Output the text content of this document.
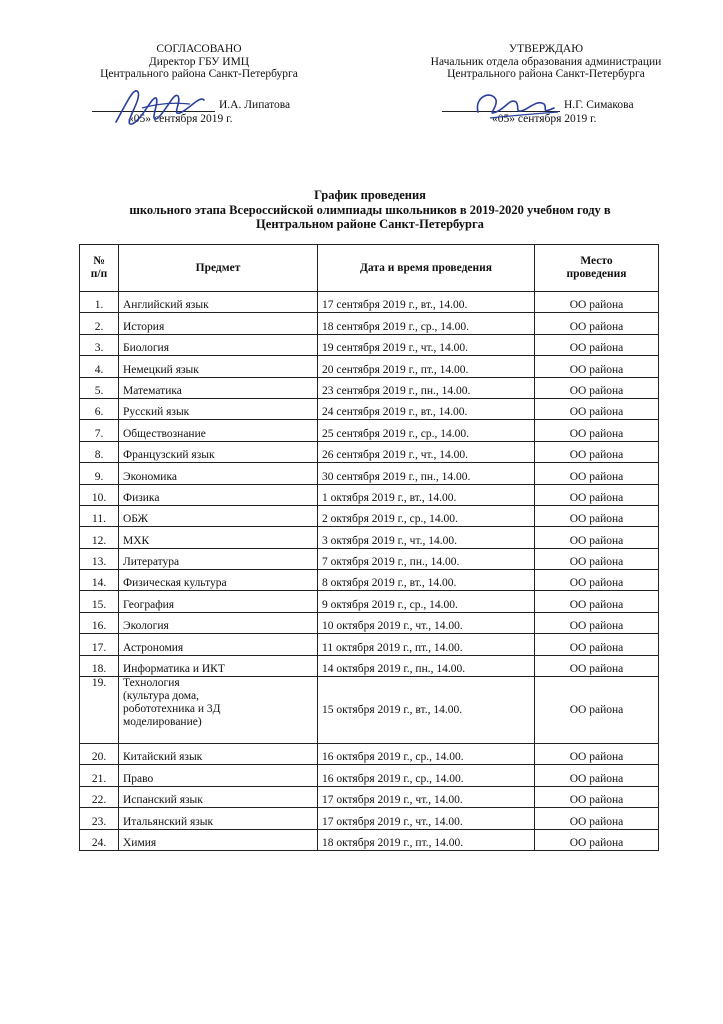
СОГЛАСОВАНО
Директор ГБУ ИМЦ
Центрального района Санкт-Петербурга
И.А. Липатова
«05» сентября 2019 г.
УТВЕРЖДАЮ
Начальник отдела образования администрации
Центрального района Санкт-Петербурга
Н.Г. Симакова
«05» сентября 2019 г.
График проведения
школьного этапа Всероссийской олимпиады школьников в 2019-2020 учебном году в
Центральном районе Санкт-Петербурга
№
п/п	Предмет	Дата и время проведения	Место
проведения
1.	Английский язык	17 сентября 2019 г., вт., 14.00.	ОО района
2.	История	18 сентября 2019 г., ср., 14.00.	ОО района
3.	Биология	19 сентября 2019 г., чт., 14.00.	ОО района
4.	Немецкий язык	20 сентября 2019 г., пт., 14.00.	ОО района
5.	Математика	23 сентября 2019 г., пн., 14.00.	ОО района
6.	Русский язык	24 сентября 2019 г., вт., 14.00.	ОО района
7.	Обществознание	25 сентября 2019 г., ср., 14.00.	ОО района
8.	Французский язык	26 сентября 2019 г., чт., 14.00.	ОО района
9.	Экономика	30 сентября 2019 г., пн., 14.00.	ОО района
10.	Физика	1 октября 2019 г., вт., 14.00.	ОО района
11.	ОБЖ	2 октября 2019 г., ср., 14.00.	ОО района
12.	МХК	3 октября 2019 г., чт., 14.00.	ОО района
13.	Литература	7 октября 2019 г., пн., 14.00.	ОО района
14.	Физическая культура	8 октября 2019 г., вт., 14.00.	ОО района
15.	География	9 октября 2019 г., ср., 14.00.	ОО района
16.	Экология	10 октября 2019 г., чт., 14.00.	ОО района
17.	Астрономия	11 октября 2019 г., пт., 14.00.	ОО района
18.	Информатика и ИКТ	14 октября 2019 г., пн., 14.00.	ОО района
19.	Технология
(культура дома,
робототехника и 3Д
моделирование)	15 октября 2019 г., вт., 14.00.	ОО района
20.	Китайский язык	16 октября 2019 г., ср., 14.00.	ОО района
21.	Право	16 октября 2019 г., ср., 14.00.	ОО района
22.	Испанский язык	17 октября 2019 г., чт., 14.00.	ОО района
23.	Итальянский язык	17 октября 2019 г., чт., 14.00.	ОО района
24.	Химия	18 октября 2019 г., пт., 14.00.	ОО района
